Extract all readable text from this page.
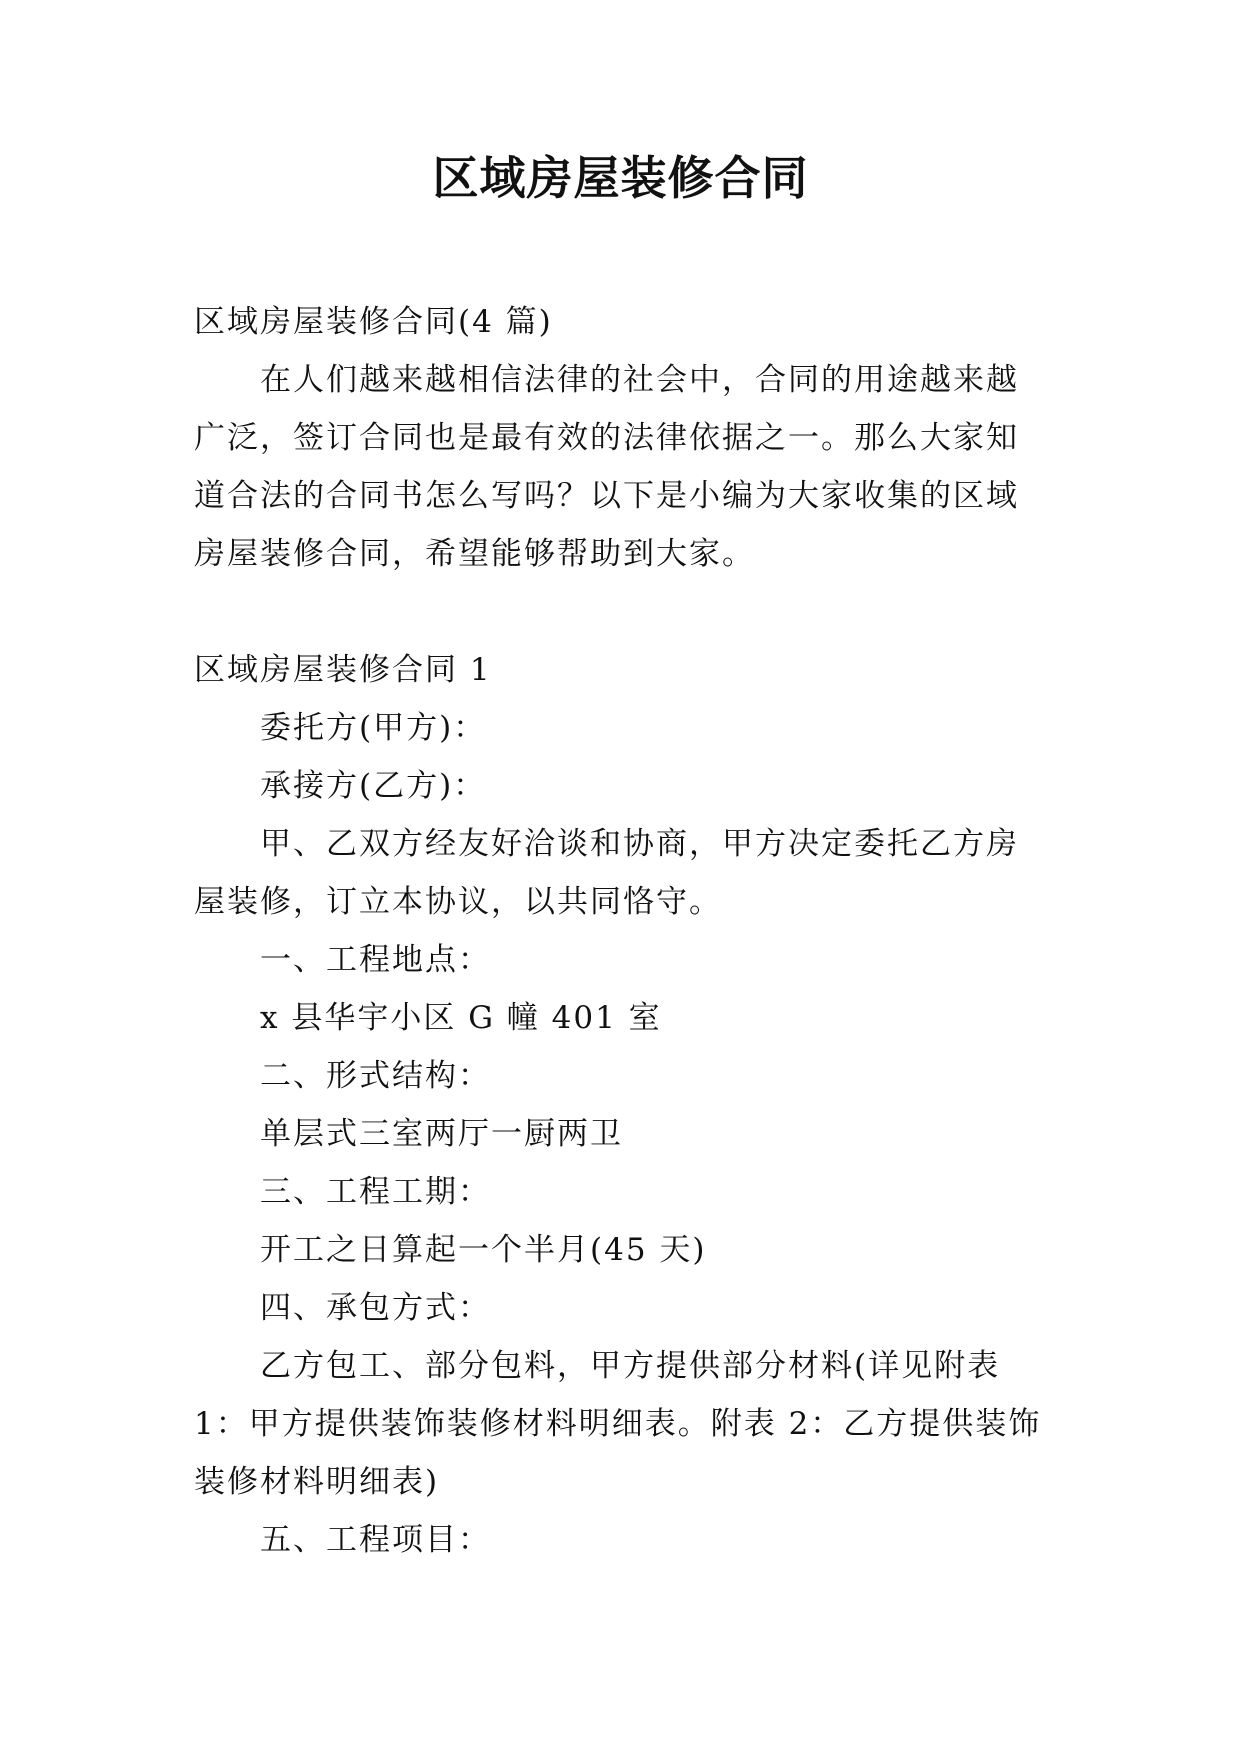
区域房屋装修合同

区域房屋装修合同(4 篇)

在人们越来越相信法律的社会中，合同的用途越来越广泛，签订合同也是最有效的法律依据之一。那么大家知道合法的合同书怎么写吗？以下是小编为大家收集的区域房屋装修合同，希望能够帮助到大家。

区域房屋装修合同 1

委托方(甲方)：

承接方(乙方)：

甲、乙双方经友好洽谈和协商，甲方决定委托乙方房屋装修，订立本协议，以共同恪守。

一、工程地点：

x 县华宇小区 G 幢 401 室

二、形式结构：

单层式三室两厅一厨两卫

三、工程工期：

开工之日算起一个半月(45 天)

四、承包方式：

乙方包工、部分包料，甲方提供部分材料(详见附表 1：甲方提供装饰装修材料明细表。附表 2：乙方提供装饰装修材料明细表)

五、工程项目：
